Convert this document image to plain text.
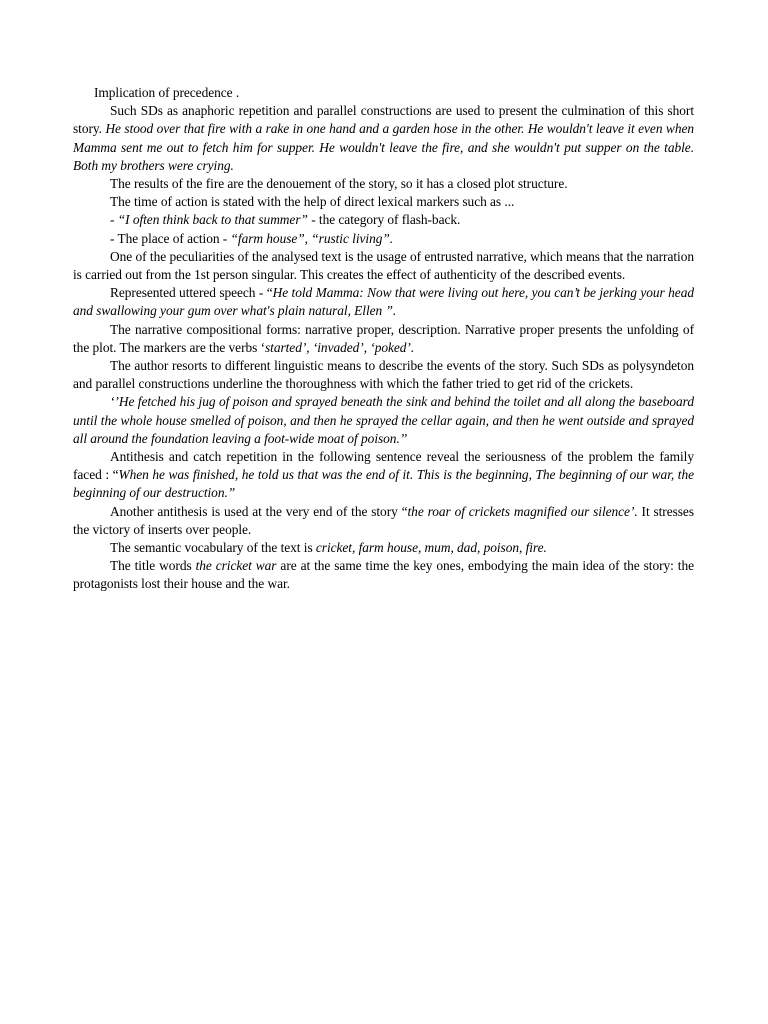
Implication of precedence .

Such SDs as anaphoric repetition and parallel constructions are used to present the culmination of this short story. He stood over that fire with a rake in one hand and a garden hose in the other. He wouldn't leave it even when Mamma sent me out to fetch him for supper. He wouldn't leave the fire, and she wouldn't put supper on the table. Both my brothers were crying.

The results of the fire are the denouement of the story, so it has a closed plot structure.

The time of action is stated with the help of direct lexical markers such as ...

- “I often think back to that summer” - the category of flash-back.

- The place of action - “farm house”, “rustic living”.

One of the peculiarities of the analysed text is the usage of entrusted narrative, which means that the narration is carried out from the 1st person singular. This creates the effect of authenticity of the described events.

Represented uttered speech - “He told Mamma: Now that were living out here, you can’t be jerking your head and swallowing your gum over what's plain natural, Ellen ”.

The narrative compositional forms: narrative proper, description. Narrative proper presents the unfolding of the plot. The markers are the verbs ‘started’, ‘invaded’, ‘poked’.

The author resorts to different linguistic means to describe the events of the story. Such SDs as polysyndeton and parallel constructions underline the thoroughness with which the father tried to get rid of the crickets.

‘’He fetched his jug of poison and sprayed beneath the sink and behind the toilet and all along the baseboard until the whole house smelled of poison, and then he sprayed the cellar again, and then he went outside and sprayed all around the foundation leaving a foot-wide moat of poison.’’

Antithesis and catch repetition in the following sentence reveal the seriousness of the problem the family faced : “When he was finished, he told us that was the end of it. This is the beginning, The beginning of our war, the beginning of our destruction.”

Another antithesis is used at the very end of the story “the roar of crickets magnified our silence’. It stresses the victory of inserts over people.

The semantic vocabulary of the text is cricket, farm house, mum, dad, poison, fire.

The title words the cricket war are at the same time the key ones, embodying the main idea of the story: the protagonists lost their house and the war.
